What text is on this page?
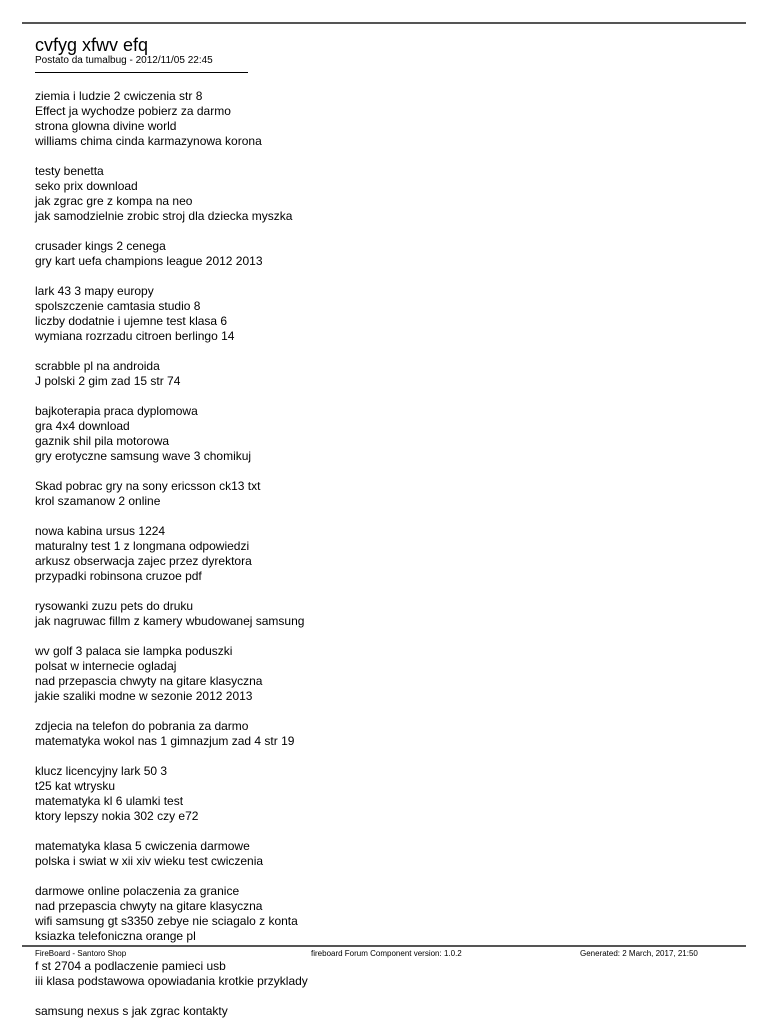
cvfyg xfwv efq
Postato da tumalbug - 2012/11/05 22:45
ziemia i ludzie 2 cwiczenia str 8
Effect ja wychodze pobierz za darmo
strona glowna divine world
williams chima cinda karmazynowa korona
testy benetta
seko prix download
jak zgrac gre z kompa na neo
jak samodzielnie zrobic stroj dla dziecka myszka
crusader kings 2 cenega
gry kart uefa champions league 2012 2013
lark 43 3 mapy europy
spolszczenie camtasia studio 8
liczby dodatnie i ujemne test klasa 6
wymiana rozrzadu citroen berlingo 14
scrabble pl na androida
J polski 2 gim zad 15 str 74
bajkoterapia praca dyplomowa
gra 4x4 download
gaznik shil pila motorowa
gry erotyczne samsung wave 3 chomikuj
Skad pobrac gry na sony ericsson ck13 txt
krol szamanow 2 online
nowa kabina ursus 1224
maturalny test 1 z longmana odpowiedzi
arkusz obserwacja zajec przez dyrektora
przypadki robinsona cruzoe pdf
rysowanki zuzu pets do druku
jak nagruwac fillm z kamery wbudowanej samsung
wv golf 3 palaca sie lampka poduszki
polsat w internecie ogladaj
nad przepascia chwyty na gitare klasyczna
jakie szaliki modne w sezonie 2012 2013
zdjecia na telefon do pobrania za darmo
matematyka wokol nas 1 gimnazjum zad 4 str 19
klucz licencyjny lark 50 3
t25 kat wtrysku
matematyka kl 6 ulamki test
ktory lepszy nokia 302 czy e72
matematyka klasa 5 cwiczenia darmowe
polska i swiat w xii xiv wieku test cwiczenia
darmowe online polaczenia za granice
nad przepascia chwyty na gitare klasyczna
wifi samsung gt s3350 zebye nie sciagalo z konta
ksiazka telefoniczna orange pl
f st 2704 a podlaczenie pamieci usb
iii klasa podstawowa opowiadania krotkie przyklady
samsung nexus s jak zgrac kontakty
FireBoard - Santoro Shop	fireboard Forum Component version: 1.0.2	Generated: 2 March, 2017, 21:50
